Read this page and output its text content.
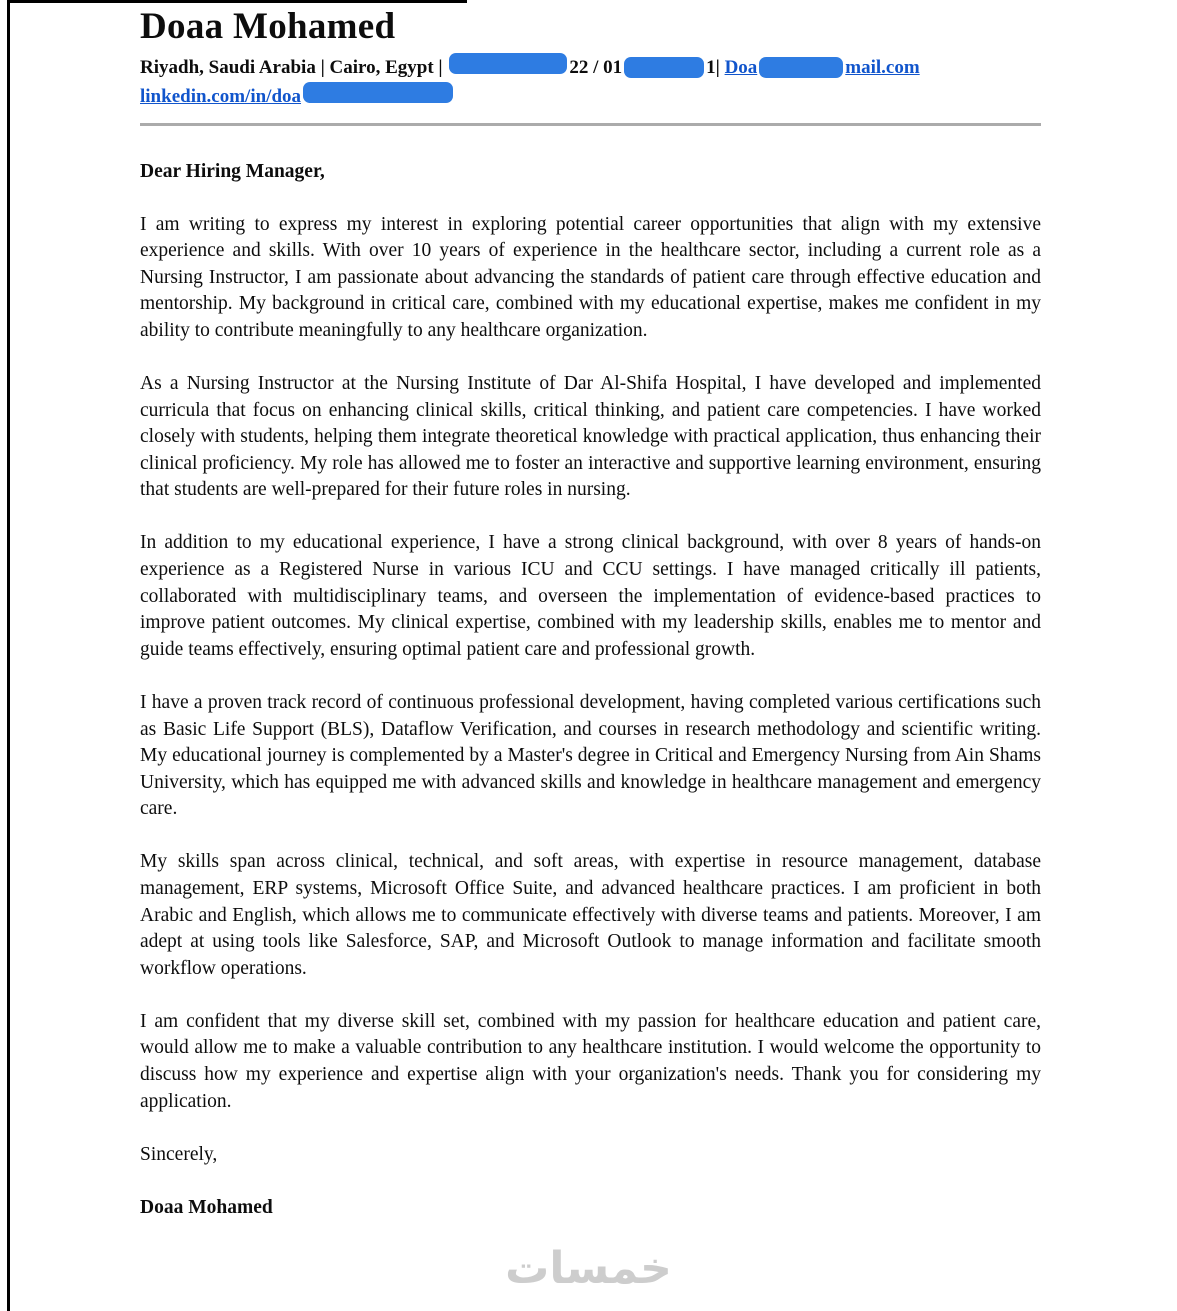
خمسات
Doaa Mohamed
Riyadh, Saudi Arabia | Cairo, Egypt |	22 / 01	1| Doa	mail.com
linkedin.com/in/doa
Dear Hiring Manager,

I am writing to express my interest in exploring potential career opportunities that align with my extensive experience and skills. With over 10 years of experience in the healthcare sector, including a current role as a Nursing Instructor, I am passionate about advancing the standards of patient care through effective education and mentorship. My background in critical care, combined with my educational expertise, makes me confident in my ability to contribute meaningfully to any healthcare organization.

As a Nursing Instructor at the Nursing Institute of Dar Al-Shifa Hospital, I have developed and implemented curricula that focus on enhancing clinical skills, critical thinking, and patient care competencies. I have worked closely with students, helping them integrate theoretical knowledge with practical application, thus enhancing their clinical proficiency. My role has allowed me to foster an interactive and supportive learning environment, ensuring that students are well-prepared for their future roles in nursing.

In addition to my educational experience, I have a strong clinical background, with over 8 years of hands-on experience as a Registered Nurse in various ICU and CCU settings. I have managed critically ill patients, collaborated with multidisciplinary teams, and overseen the implementation of evidence-based practices to improve patient outcomes. My clinical expertise, combined with my leadership skills, enables me to mentor and guide teams effectively, ensuring optimal patient care and professional growth.

I have a proven track record of continuous professional development, having completed various certifications such as Basic Life Support (BLS), Dataflow Verification, and courses in research methodology and scientific writing. My educational journey is complemented by a Master's degree in Critical and Emergency Nursing from Ain Shams University, which has equipped me with advanced skills and knowledge in healthcare management and emergency care.

My skills span across clinical, technical, and soft areas, with expertise in resource management, database management, ERP systems, Microsoft Office Suite, and advanced healthcare practices. I am proficient in both Arabic and English, which allows me to communicate effectively with diverse teams and patients. Moreover, I am adept at using tools like Salesforce, SAP, and Microsoft Outlook to manage information and facilitate smooth workflow operations.

I am confident that my diverse skill set, combined with my passion for healthcare education and patient care, would allow me to make a valuable contribution to any healthcare institution. I would welcome the opportunity to discuss how my experience and expertise align with your organization's needs. Thank you for considering my application.

Sincerely,
Doaa Mohamed
